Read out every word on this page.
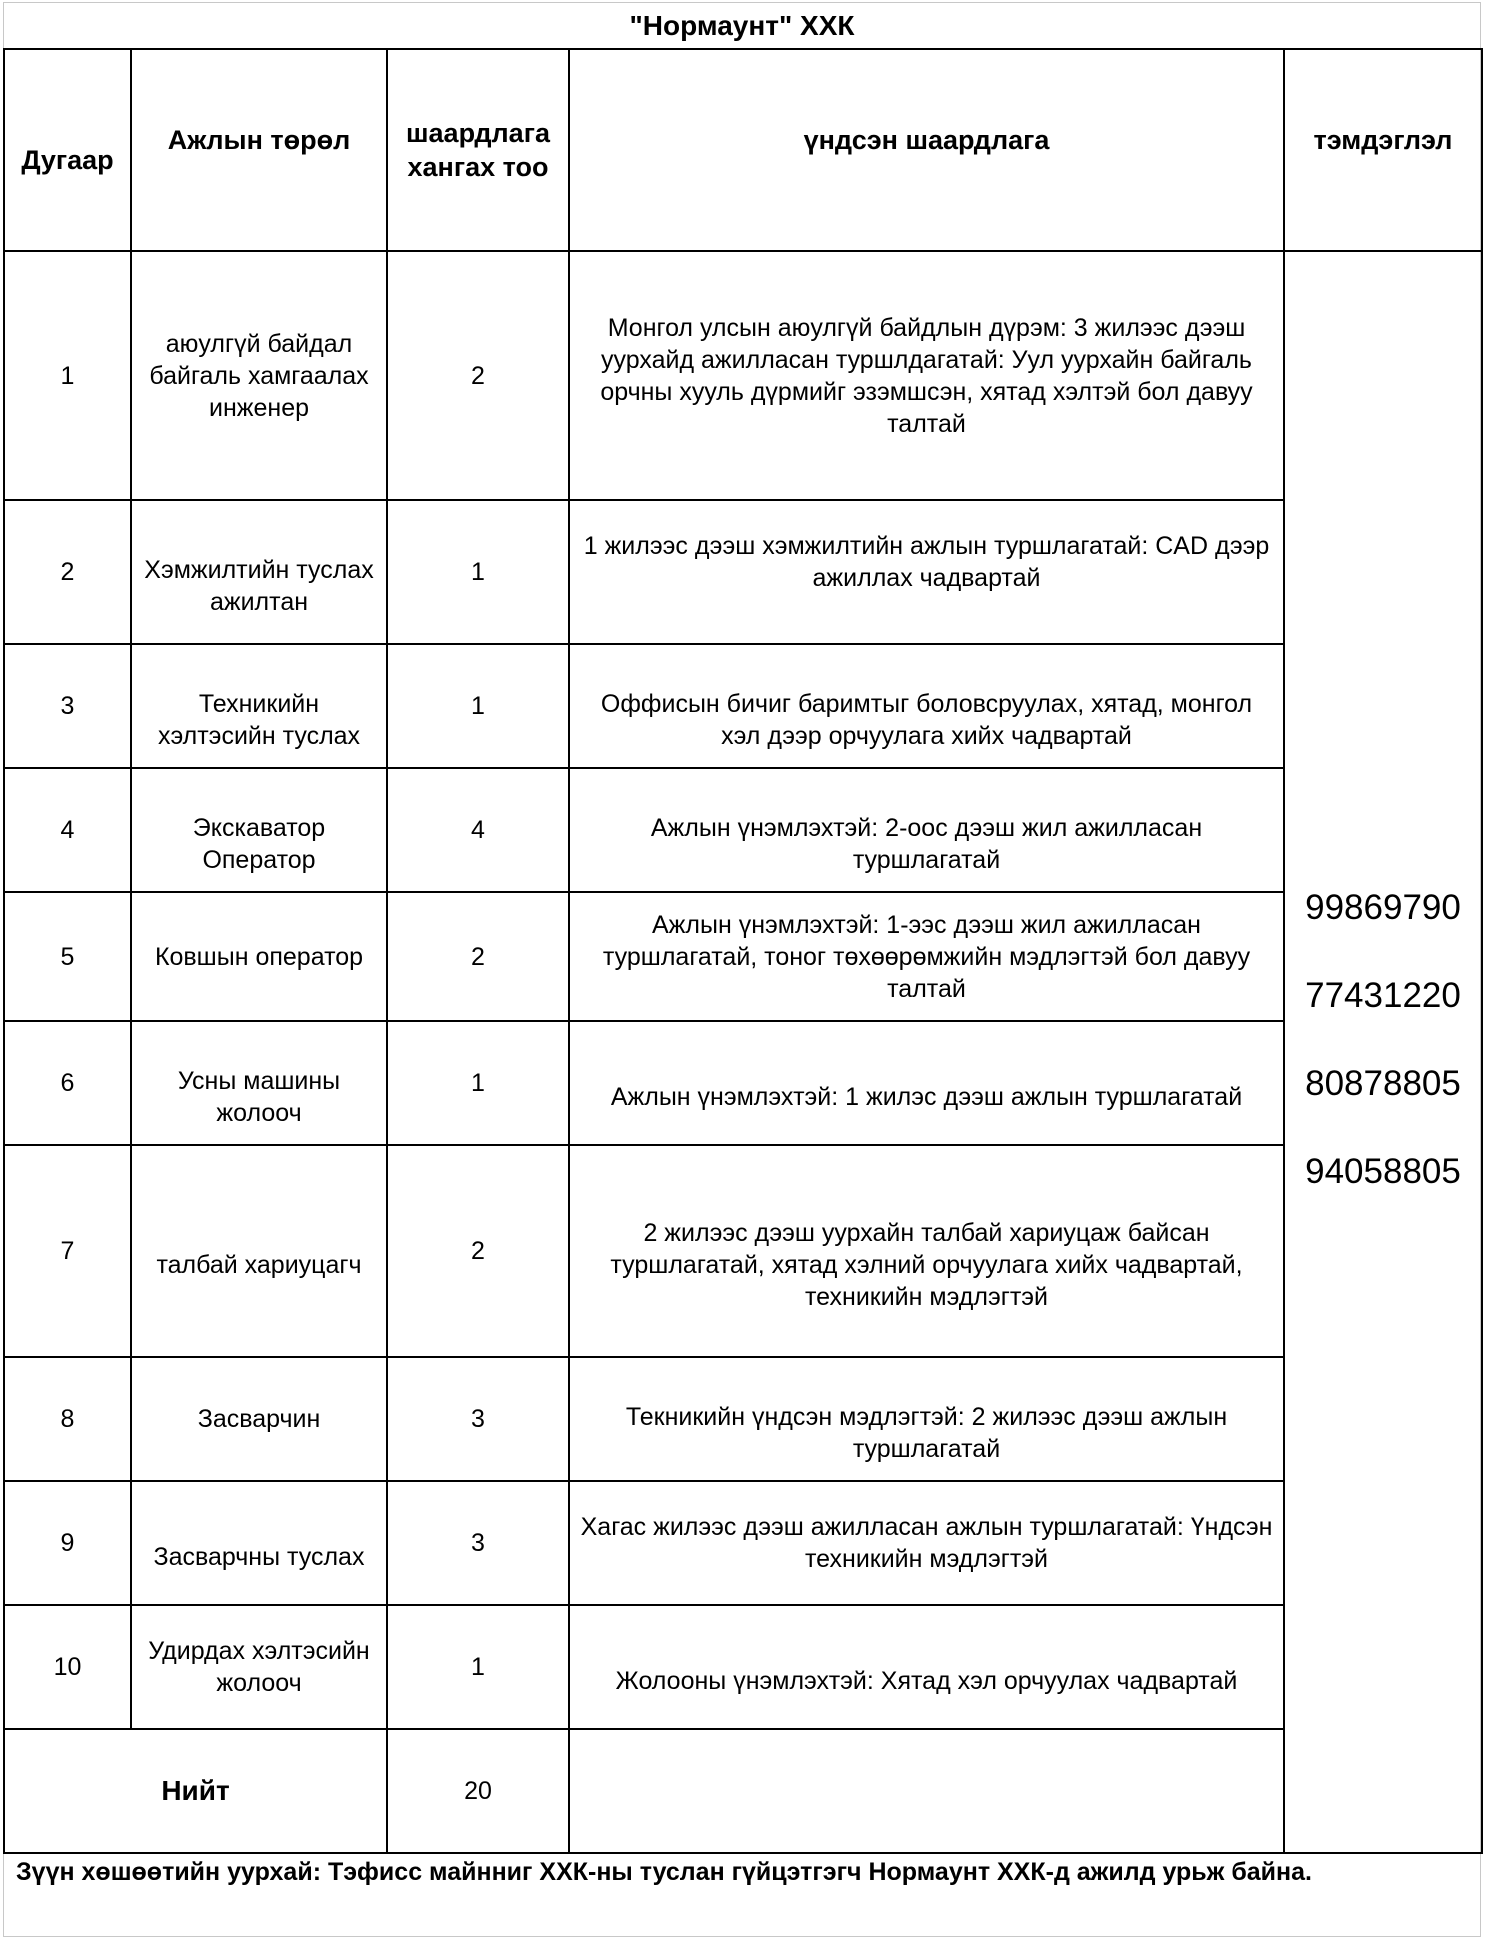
"Нормаунт" ХХК
Дугаар	Ажлын төрөл	шаардлага хангах тоо	үндсэн шаардлага	тэмдэглэл
1	аюулгүй байдал байгаль хамгаалах инженер	2	Монгол улсын аюулгүй байдлын дүрэм: 3 жилээс дээш уурхайд ажилласан туршлдагатай: Уул уурхайн байгаль орчны хууль дүрмийг эзэмшсэн, хятад хэлтэй бол давуу талтай	99869790
77431220
80878805
94058805

2	Хэмжилтийн туслах ажилтан	1	1 жилээс дээш хэмжилтийн ажлын туршлагатай: CAD дээр ажиллах чадвартай	
3	Техникийн хэлтэсийн туслах	1	Оффисын бичиг баримтыг боловсруулах, хятад, монгол хэл дээр орчуулага хийх чадвартай	
4	Экскаватор Оператор	4	Ажлын үнэмлэхтэй: 2-оос дээш жил ажилласан туршлагатай	
5	Ковшын оператор	2	Ажлын үнэмлэхтэй: 1-ээс дээш жил ажилласан туршлагатай, тоног төхөөрөмжийн мэдлэгтэй бол давуу талтай	
6	Усны машины жолооч	1	Ажлын үнэмлэхтэй: 1 жилэс дээш ажлын туршлагатай	
7	талбай хариуцагч	2	2 жилээс дээш уурхайн талбай хариуцаж байсан туршлагатай, хятад хэлний орчуулага хийх чадвартай, техникийн мэдлэгтэй	
8	Засварчин	3	Текникийн үндсэн мэдлэгтэй: 2 жилээс дээш ажлын туршлагатай	
9	Засварчны туслах	3	Хагас жилээс дээш ажилласан ажлын туршлагатай: Үндсэн техникийн мэдлэгтэй	
10	Удирдах хэлтэсийн жолооч	1	Жолооны үнэмлэхтэй: Хятад хэл орчуулах чадвартай	
Нийт		20		
Зүүн хөшөөтийн уурхай: Тэфисс майнниг ХХК-ны туслан гүйцэтгэгч Нормаунт ХХК-д ажилд урьж байна.
